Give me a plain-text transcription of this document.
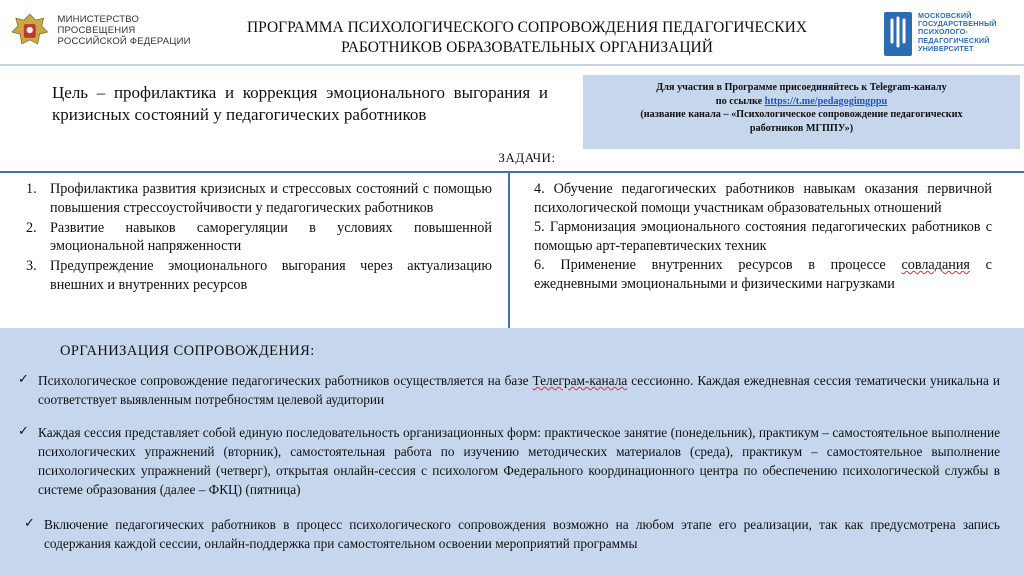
МИНИСТЕРСТВО ПРОСВЕЩЕНИЯ
РОССИЙСКОЙ ФЕДЕРАЦИИ
ПРОГРАММА ПСИХОЛОГИЧЕСКОГО СОПРОВОЖДЕНИЯ ПЕДАГОГИЧЕСКИХ
РАБОТНИКОВ ОБРАЗОВАТЕЛЬНЫХ ОРГАНИЗАЦИЙ
МОСКОВСКИЙ
ГОСУДАРСТВЕННЫЙ
ПСИХОЛОГО-
ПЕДАГОГИЧЕСКИЙ
УНИВЕРСИТЕТ
Цель – профилактика и коррекция эмоционального выгорания и кризисных состояний у педагогических работников
Для участия в Программе присоединяйтесь к Telegram-каналу
по ссылке https://t.me/pedagogimgppu
(название канала – «Психологическое сопровождение педагогических
работников МГППУ»)
ЗАДАЧИ:
1. Профилактика развития кризисных и стрессовых состояний с помощью повышения стрессоустойчивости у педагогических работников
2. Развитие навыков саморегуляции в условиях повышенной эмоциональной напряженности
3. Предупреждение эмоционального выгорания через актуализацию внешних и внутренних ресурсов
4. Обучение педагогических работников навыкам оказания первичной психологической помощи участникам образовательных отношений
5. Гармонизация эмоционального состояния педагогических работников с помощью арт-терапевтических техник
6. Применение внутренних ресурсов в процессе совладания с ежедневными эмоциональными и физическими нагрузками
ОРГАНИЗАЦИЯ СОПРОВОЖДЕНИЯ:
✓ Психологическое сопровождение педагогических работников осуществляется на базе Телеграм-канала сессионно. Каждая ежедневная сессия тематически уникальна и соответствует выявленным потребностям целевой аудитории
✓ Каждая сессия представляет собой единую последовательность организационных форм: практическое занятие (понедельник), практикум – самостоятельное выполнение психологических упражнений (вторник), самостоятельная работа по изучению методических материалов (среда), практикум – самостоятельное выполнение психологических упражнений (четверг), открытая онлайн-сессия с психологом Федерального координационного центра по обеспечению психологической службы в системе образования (далее – ФКЦ) (пятница)
✓ Включение педагогических работников в процесс психологического сопровождения возможно на любом этапе его реализации, так как предусмотрена запись содержания каждой сессии, онлайн-поддержка при самостоятельном освоении мероприятий программы
